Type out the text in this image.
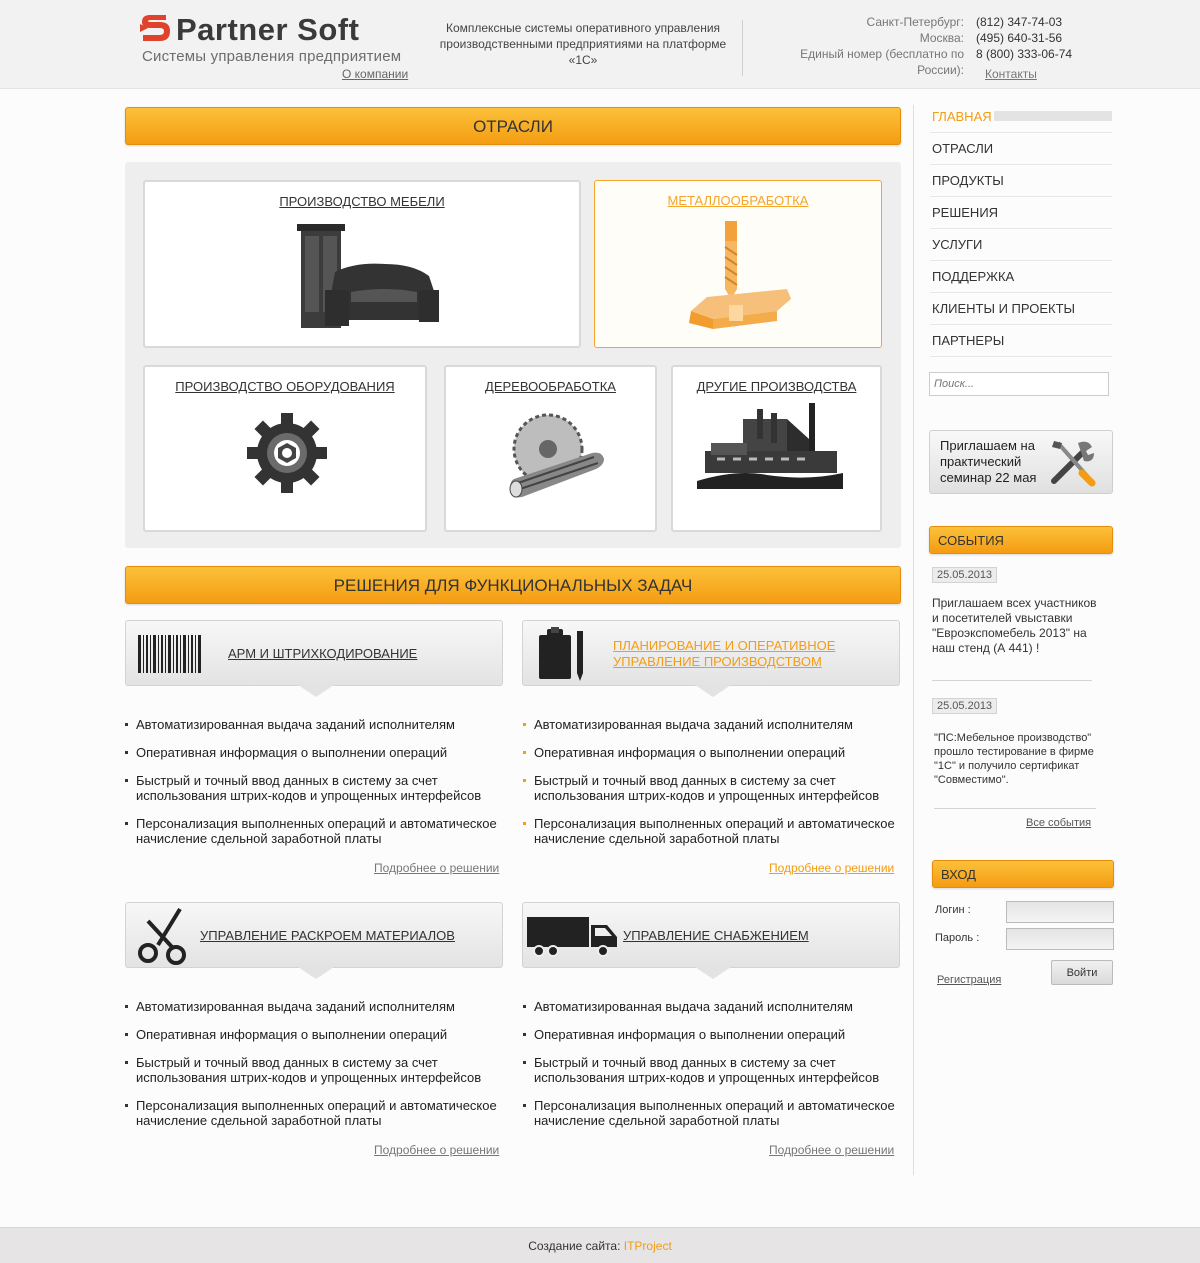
Partner Soft
Системы управления предприятием
О компании
Комплексные системы оперативного управления производственными предприятиями на платформе «1С»
Санкт-Петербург:	(812) 347-74-03
Москва:	(495) 640-31-56
Единый номер (бесплатно по России):
8 (800) 333-06-74
Контакты
ОТРАСЛИ
ПРОИЗВОДСТВО МЕБЕЛИ	МЕТАЛЛООБРАБОТКА
ПРОИЗВОДСТВО ОБОРУДОВАНИЯ	ДЕРЕВООБРАБОТКА	ДРУГИЕ ПРОИЗВОДСТВА
РЕШЕНИЯ ДЛЯ ФУНКЦИОНАЛЬНЫХ ЗАДАЧ
АРМ И ШТРИХКОДИРОВАНИЕ
Автоматизированная выдача заданий исполнителям
Оперативная информация о выполнении операций
Быстрый и точный ввод данных в систему за счет использования штрих-кодов и упрощенных интерфейсов
Персонализация выполненных операций и автоматическое начисление сдельной заработной платы
Подробнее о решении
ПЛАНИРОВАНИЕ И ОПЕРАТИВНОЕ УПРАВЛЕНИЕ ПРОИЗВОДСТВОМ
Автоматизированная выдача заданий исполнителям
Оперативная информация о выполнении операций
Быстрый и точный ввод данных в систему за счет использования штрих-кодов и упрощенных интерфейсов
Персонализация выполненных операций и автоматическое начисление сдельной заработной платы
Подробнее о решении
УПРАВЛЕНИЕ РАСКРОЕМ МАТЕРИАЛОВ
Автоматизированная выдача заданий исполнителям
Оперативная информация о выполнении операций
Быстрый и точный ввод данных в систему за счет использования штрих-кодов и упрощенных интерфейсов
Персонализация выполненных операций и автоматическое начисление сдельной заработной платы
Подробнее о решении
УПРАВЛЕНИЕ СНАБЖЕНИЕМ
Автоматизированная выдача заданий исполнителям
Оперативная информация о выполнении операций
Быстрый и точный ввод данных в систему за счет использования штрих-кодов и упрощенных интерфейсов
Персонализация выполненных операций и автоматическое начисление сдельной заработной платы
Подробнее о решении
ГЛАВНАЯ
ОТРАСЛИ
ПРОДУКТЫ
РЕШЕНИЯ
УСЛУГИ
ПОДДЕРЖКА
КЛИЕНТЫ И ПРОЕКТЫ
ПАРТНЕРЫ
Поиск...
Приглашаем на практический семинар 22 мая
СОБЫТИЯ
25.05.2013
Приглашаем всех участников и посетителей vвыставки "Евроэкспомебель 2013" на наш стенд (А 441) !
25.05.2013
"ПС:Мебельное производство" прошло тестирование в фирме "1С" и получило сертификат "Совместимо".
Все события
ВХОД
Логин :
Пароль :
Регистрация
Войти
Создание сайта: ITProject
